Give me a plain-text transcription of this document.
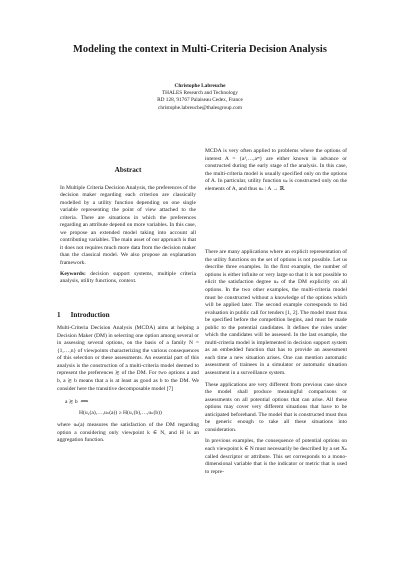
Modeling the context in Multi-Criteria Decision Analysis
Christophe Labreuche
THALES Research and Technology
RD 128, 91767 Palaiseau Cedex, France
christophe.labreuche@thalesgroup.com
Abstract

In Multiple Criteria Decision Analysis, the preferences of the decision maker regarding each criterion are classically modelled by a utility function depending on one single variable representing the point of view attached to the criteria. There are situations in which the preferences regarding an attribute depend on more variables. In this case, we propose an extended model taking into account all contributing variables. The main asset of our approach is that it does not requires much more data from the decision maker than the classical model. We also propose an explanation framework.

Keywords: decision support systems, multiple criteria analysis, utility functions, context.

1 Introduction

Multi-Criteria Decision Analysis (MCDA) aims at helping a Decision Maker (DM) in selecting one option among several or in assessing several options, on the basis of a family N = {1,…,n} of viewpoints characterizing the various consequences of this selection or these assessments. An essential part of this analysis is the construction of a multi-criteria model deemed to represent the preferences ≿ of the DM. For two options a and b, a ≿ b means that a is at least as good as b to the DM. We consider here the transitive decomposable model [7]

a ≿ b ⟺
H(u₁(a),…,uₙ(a)) ≥ H(u₁(b),…,uₙ(b))

where uₖ(a) measures the satisfaction of the DM regarding option a considering only viewpoint k ∈ N, and H is an aggregation function.

MCDA is very often applied to problems where the options of interest A = {a¹,…,aᵐ} are either known in advance or constructed during the early stage of the analysis. In this case, the multi-criteria model is usually specified only on the options of A. In particular, utility function uₖ is constructed only on the elements of A, and thus uₖ : A → ℝ.

There are many applications where an explicit representation of the utility functions on the set of options is not possible. Let us describe three examples. In the first example, the number of options is either infinite or very large so that it is not possible to elicit the satisfaction degree uₖ of the DM explicitly on all options. In the two other examples, the multi-criteria model must be constructed without a knowledge of the options which will be applied later. The second example corresponds to bid evaluation in public call for tenders [1, 2]. The model must thus be specified before the competition begins, and must be made public to the potential candidates. It defines the rules under which the candidates will be assessed. In the last example, the multi-criteria model is implemented in decision support system as an embedded function that has to provide an assessment each time a new situation arises. One can mention automatic assessment of trainees in a simulator or automatic situation assessment in a surveillance system.

These applications are very different from previous case since the model shall produce meaningful comparisons or assessments on all potential options that can arise. All these options may cover very different situations that have to be anticipated beforehand. The model that is constructed must thus be generic enough to take all these situations into consideration.

In previous examples, the consequence of potential options on each viewpoint k ∈ N must necessarily be described by a set Xₖ called descriptor or attribute. This set corresponds to a mono-dimensional variable that is the indicator or metric that is used to repre-
